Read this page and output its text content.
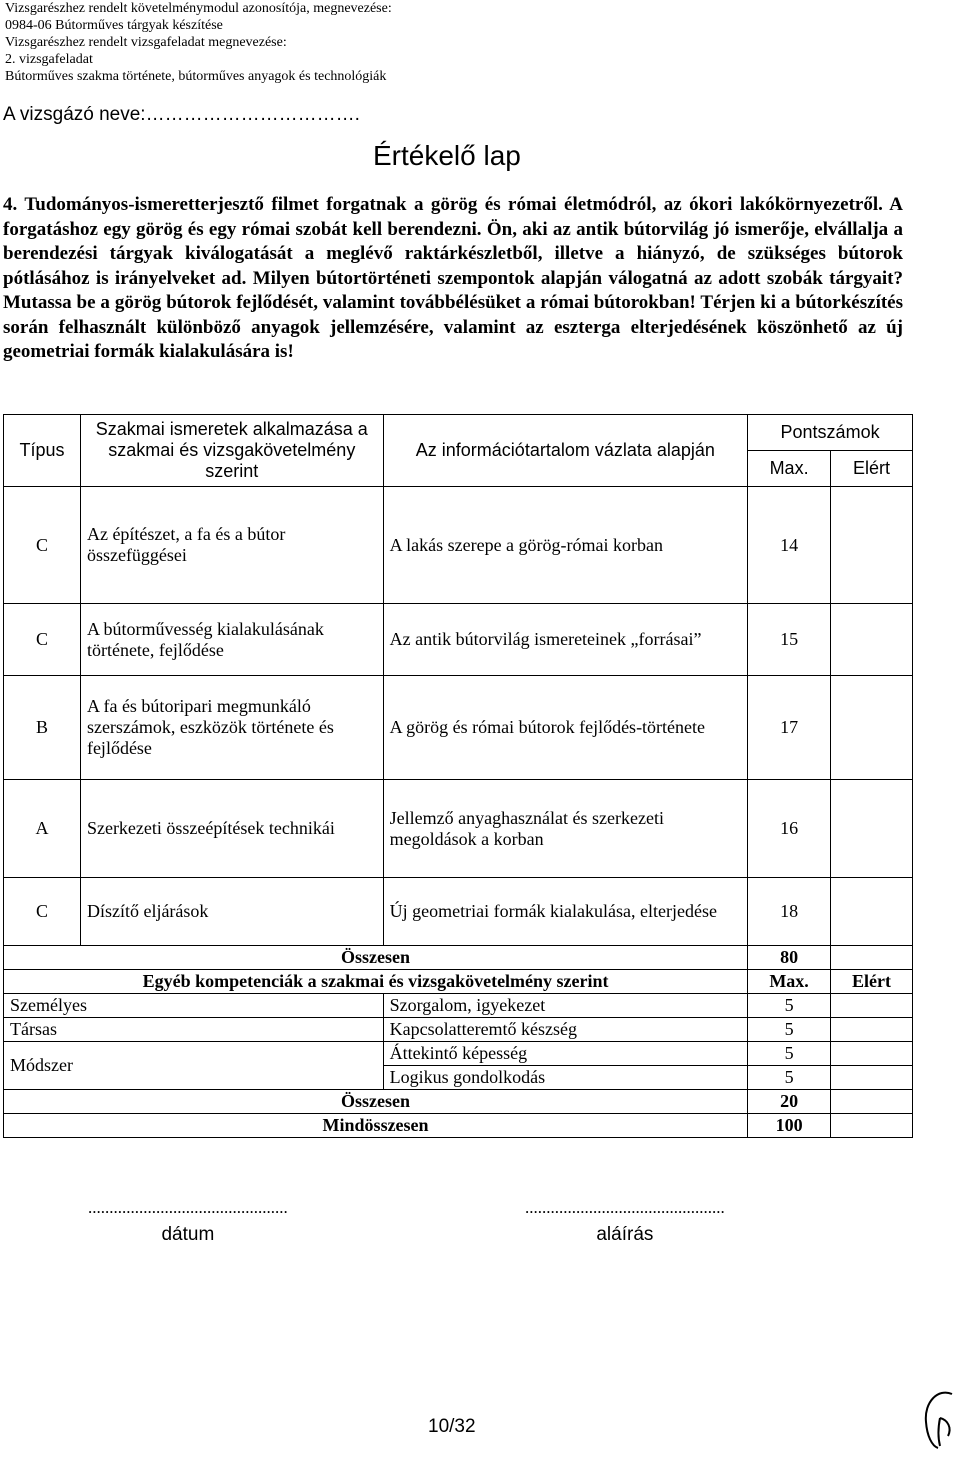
Vizsgarészhez rendelt követelménymodul azonosítója, megnevezése:
0984-06 Bútorműves tárgyak készítése
Vizsgarészhez rendelt vizsgafeladat megnevezése:
2. vizsgafeladat
Bútorműves szakma története, bútorműves anyagok és technológiák
A vizsgázó neve:…………………………….
Értékelő lap
4. Tudományos-ismeretterjesztő filmet forgatnak a görög és római életmódról, az ókori lakókörnyezetről. A forgatáshoz egy görög és egy római szobát kell berendezni. Ön, aki az antik bútorvilág jó ismerője, elvállalja a berendezési tárgyak kiválogatását a meglévő raktárkészletből, illetve a hiányzó, de szükséges bútorok pótlásához is irányelveket ad. Milyen bútortörténeti szempontok alapján válogatná az adott szobák tárgyait? Mutassa be a görög bútorok fejlődését, valamint továbbélésüket a római bútorokban! Térjen ki a bútorkészítés során felhasznált különböző anyagok jellemzésére, valamint az eszterga elterjedésének köszönhető az új geometriai formák kialakulására is!
Típus	Szakmai ismeretek alkalmazása a szakmai és vizsgakövetelmény szerint	Az információtartalom vázlata alapján	Pontszámok	
			Max.	Elért
C	Az építészet, a fa és a bútor összefüggései	A lakás szerepe a görög-római korban	14	
C	A bútorművesség kialakulásának története, fejlődése	Az antik bútorvilág ismereteinek „forrásai”	15	
B	A fa és bútoripari megmunkáló szerszámok, eszközök története és fejlődése	A görög és római bútorok fejlődés-története	17	
A	Szerkezeti összeépítések technikái	Jellemző anyaghasználat és szerkezeti megoldások a korban	16	
C	Díszítő eljárások	Új geometriai formák kialakulása, elterjedése	18	
Összesen			80	
Egyéb kompetenciák a szakmai és vizsgakövetelmény szerint			Max.	Elért
Személyes		Szorgalom, igyekezet	5	
Társas		Kapcsolatteremtő készség	5	
Módszer		Áttekintő képesség	5	
		Logikus gondolkodás	5	
Összesen			20	
Mindösszesen			100	
...............................................
dátum
...............................................
aláírás
10/32
